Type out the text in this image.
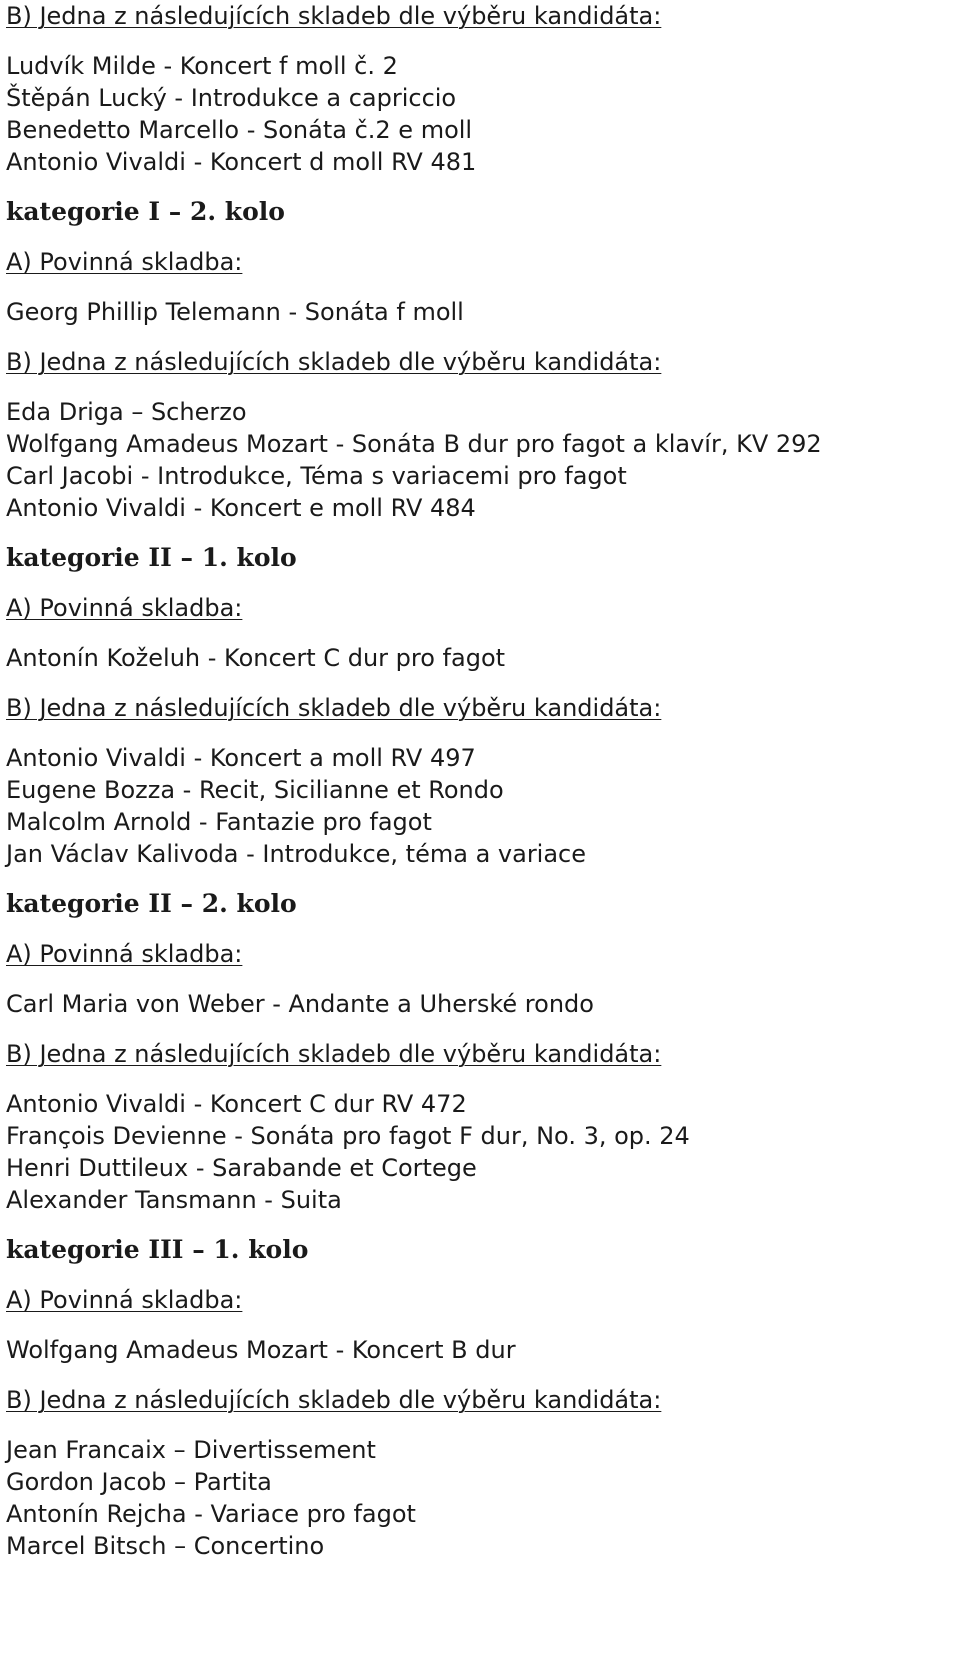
B) Jedna z následujících skladeb dle výběru kandidáta:

Ludvík Milde - Koncert f moll č. 2

Štěpán Lucký - Introdukce a capriccio

Benedetto Marcello - Sonáta č.2 e moll

Antonio Vivaldi - Koncert d moll RV 481

kategorie I – 2. kolo

A) Povinná skladba:

Georg Phillip Telemann - Sonáta f moll

B) Jedna z následujících skladeb dle výběru kandidáta:

Eda Driga – Scherzo

Wolfgang Amadeus Mozart - Sonáta B dur pro fagot a klavír, KV 292

Carl Jacobi - Introdukce, Téma s variacemi pro fagot

Antonio Vivaldi - Koncert e moll RV 484

kategorie II – 1. kolo

A) Povinná skladba:

Antonín Koželuh - Koncert C dur pro fagot

B) Jedna z následujících skladeb dle výběru kandidáta:

Antonio Vivaldi - Koncert a moll RV 497

Eugene Bozza - Recit, Sicilianne et Rondo

Malcolm Arnold - Fantazie pro fagot

Jan Václav Kalivoda - Introdukce, téma a variace

kategorie II – 2. kolo

A) Povinná skladba:

Carl Maria von Weber - Andante a Uherské rondo

B) Jedna z následujících skladeb dle výběru kandidáta:

Antonio Vivaldi - Koncert C dur RV 472

François Devienne - Sonáta pro fagot F dur, No. 3, op. 24

Henri Duttileux - Sarabande et Cortege

Alexander Tansmann - Suita

kategorie III – 1. kolo

A) Povinná skladba:

Wolfgang Amadeus Mozart - Koncert B dur

B) Jedna z následujících skladeb dle výběru kandidáta:

Jean Francaix – Divertissement

Gordon Jacob – Partita

Antonín Rejcha - Variace pro fagot

Marcel Bitsch – Concertino
